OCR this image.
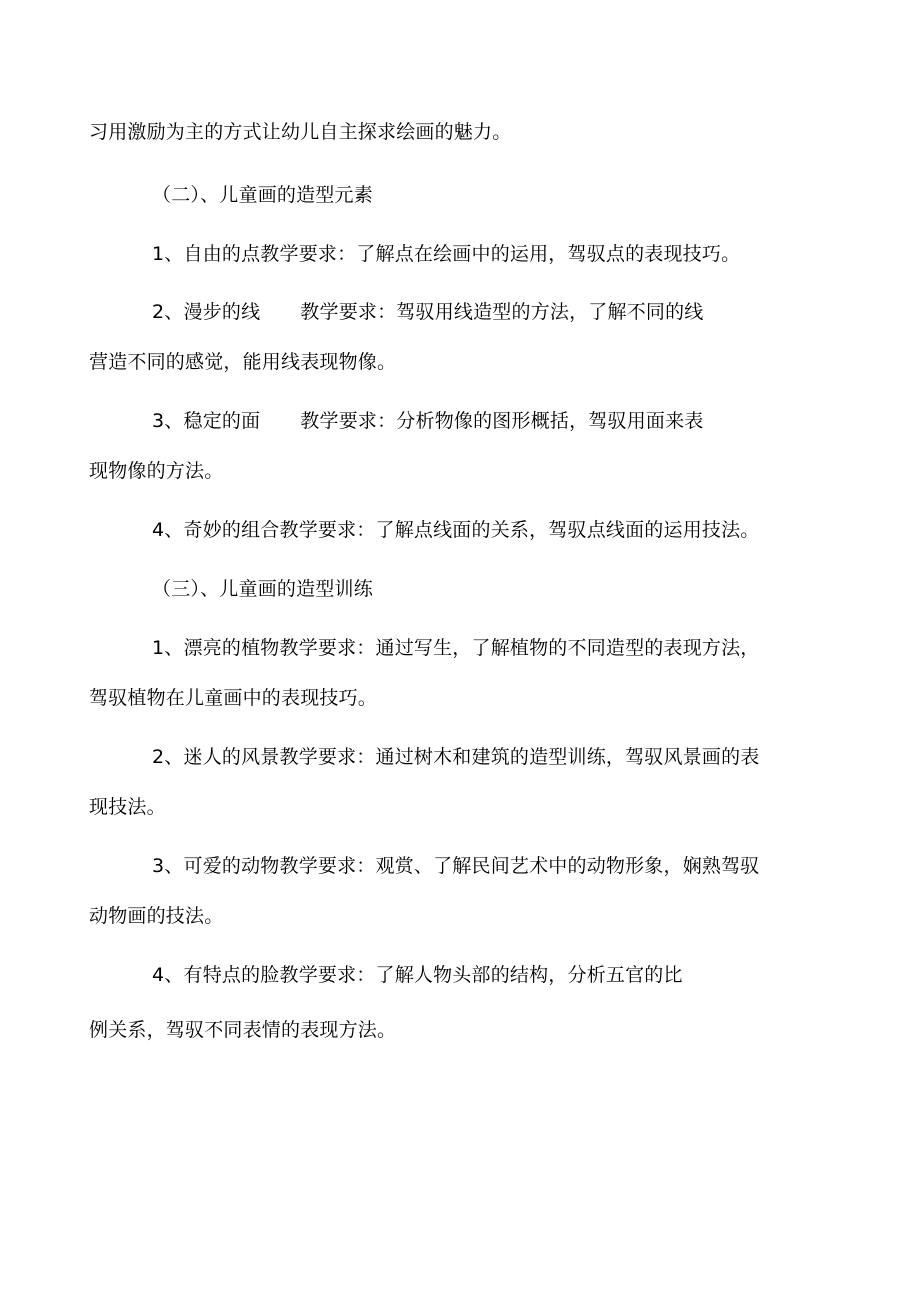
习用激励为主的方式让幼儿自主探求绘画的魅力。
（二）、儿童画的造型元素
1、自由的点教学要求：了解点在绘画中的运用，驾驭点的表现技巧。
2、漫步的线 教学要求：驾驭用线造型的方法，了解不同的线
营造不同的感觉，能用线表现物像。
3、稳定的面 教学要求：分析物像的图形概括，驾驭用面来表
现物像的方法。
4、奇妙的组合教学要求：了解点线面的关系，驾驭点线面的运用技法。
（三）、儿童画的造型训练
1、漂亮的植物教学要求：通过写生，了解植物的不同造型的表现方法，
驾驭植物在儿童画中的表现技巧。
2、迷人的风景教学要求：通过树木和建筑的造型训练，驾驭风景画的表
现技法。
3、可爱的动物教学要求：观赏、了解民间艺术中的动物形象，娴熟驾驭
动物画的技法。
4、有特点的脸教学要求：了解人物头部的结构，分析五官的比
例关系，驾驭不同表情的表现方法。
